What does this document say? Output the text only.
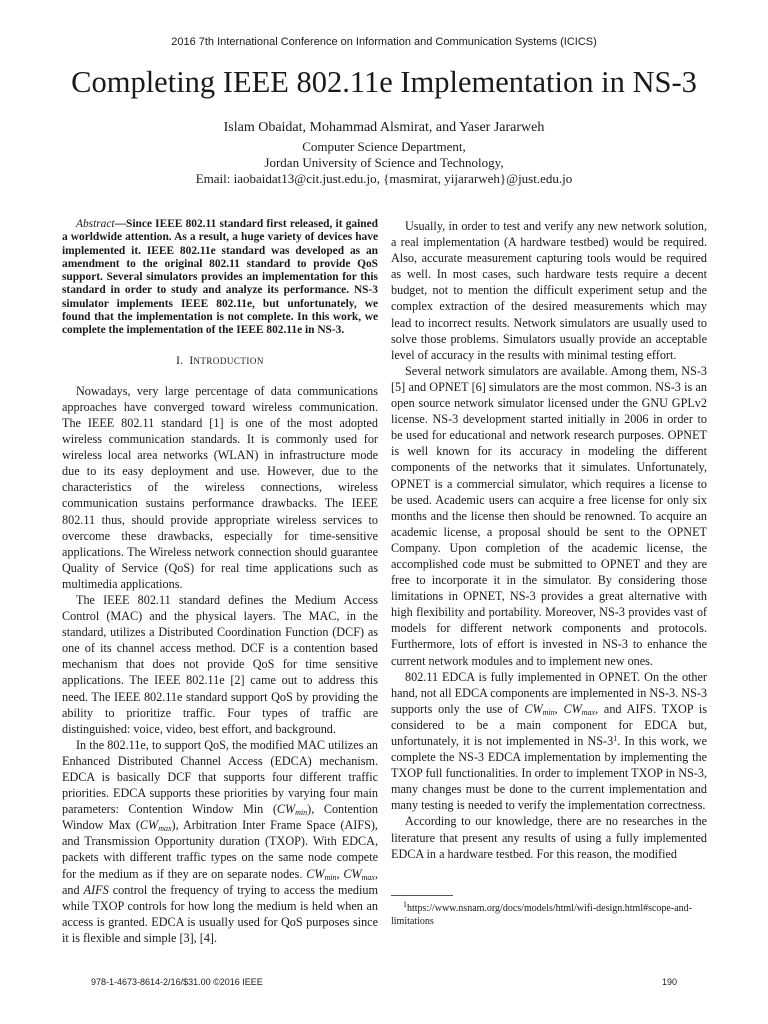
2016 7th International Conference on Information and Communication Systems (ICICS)
Completing IEEE 802.11e Implementation in NS-3
Islam Obaidat, Mohammad Alsmirat, and Yaser Jararweh
Computer Science Department,
Jordan University of Science and Technology,
Email: iaobaidat13@cit.just.edu.jo, {masmirat, yijararweh}@just.edu.jo

Abstract—Since IEEE 802.11 standard first released, it gained a worldwide attention. As a result, a huge variety of devices have implemented it. IEEE 802.11e standard was developed as an amendment to the original 802.11 standard to provide QoS support. Several simulators provides an implementation for this standard in order to study and analyze its performance. NS-3 simulator implements IEEE 802.11e, but unfortunately, we found that the implementation is not complete. In this work, we complete the implementation of the IEEE 802.11e in NS-3.

I. INTRODUCTION

Nowadays, very large percentage of data communications approaches have converged toward wireless communication. The IEEE 802.11 standard [1] is one of the most adopted wireless communication standards. It is commonly used for wireless local area networks (WLAN) in infrastructure mode due to its easy deployment and use. However, due to the characteristics of the wireless connections, wireless communication sustains performance drawbacks. The IEEE 802.11 thus, should provide appropriate wireless services to overcome these drawbacks, especially for time-sensitive applications. The Wireless network connection should guarantee Quality of Service (QoS) for real time applications such as multimedia applications.

The IEEE 802.11 standard defines the Medium Access Control (MAC) and the physical layers. The MAC, in the standard, utilizes a Distributed Coordination Function (DCF) as one of its channel access method. DCF is a contention based mechanism that does not provide QoS for time sensitive applications. The IEEE 802.11e [2] came out to address this need. The IEEE 802.11e standard support QoS by providing the ability to prioritize traffic. Four types of traffic are distinguished: voice, video, best effort, and background.

In the 802.11e, to support QoS, the modified MAC utilizes an Enhanced Distributed Channel Access (EDCA) mechanism. EDCA is basically DCF that supports four different traffic priorities. EDCA supports these priorities by varying four main parameters: Contention Window Min $(CW_{min})$, Contention Window Max $(CW_{max})$, Arbitration Inter Frame Space (AIFS), and Transmission Opportunity duration (TXOP). With EDCA, packets with different traffic types on the same node compete for the medium as if they are on separate nodes. $CW_{min}$, $CW_{max}$, and AIFS control the frequency of trying to access the medium while TXOP controls for how long the medium is held when an access is granted. EDCA is usually used for QoS purposes since it is flexible and simple [3], [4].

Usually, in order to test and verify any new network solution, a real implementation (A hardware testbed) would be required. Also, accurate measurement capturing tools would be required as well. In most cases, such hardware tests require a decent budget, not to mention the difficult experiment setup and the complex extraction of the desired measurements which may lead to incorrect results. Network simulators are usually used to solve those problems. Simulators usually provide an acceptable level of accuracy in the results with minimal testing effort.

Several network simulators are available. Among them, NS-3 [5] and OPNET [6] simulators are the most common. NS-3 is an open source network simulator licensed under the GNU GPLv2 license. NS-3 development started initially in 2006 in order to be used for educational and network research purposes. OPNET is well known for its accuracy in modeling the different components of the networks that it simulates. Unfortunately, OPNET is a commercial simulator, which requires a license to be used. Academic users can acquire a free license for only six months and the license then should be renowned. To acquire an academic license, a proposal should be sent to the OPNET Company. Upon completion of the academic license, the accomplished code must be submitted to OPNET and they are free to incorporate it in the simulator. By considering those limitations in OPNET, NS-3 provides a great alternative with high flexibility and portability. Moreover, NS-3 provides vast of models for different network components and protocols. Furthermore, lots of effort is invested in NS-3 to enhance the current network modules and to implement new ones.

802.11 EDCA is fully implemented in OPNET. On the other hand, not all EDCA components are implemented in NS-3. NS-3 supports only the use of $CW_{min}$, $CW_{max}$, and AIFS. TXOP is considered to be a main component for EDCA but, unfortunately, it is not implemented in $NS-3^1$. In this work, we complete the NS-3 EDCA implementation by implementing the TXOP full functionalities. In order to implement TXOP in NS-3, many changes must be done to the current implementation and many testing is needed to verify the implementation correctness.

According to our knowledge, there are no researches in the literature that present any results of using a fully implemented EDCA in a hardware testbed. For this reason, the modified

$^1$https://www.nsnam.org/docs/models/html/wifi-design.html#scope-and-limitations
978-1-4673-8614-2/16/$31.00 ©2016 IEEE	190
